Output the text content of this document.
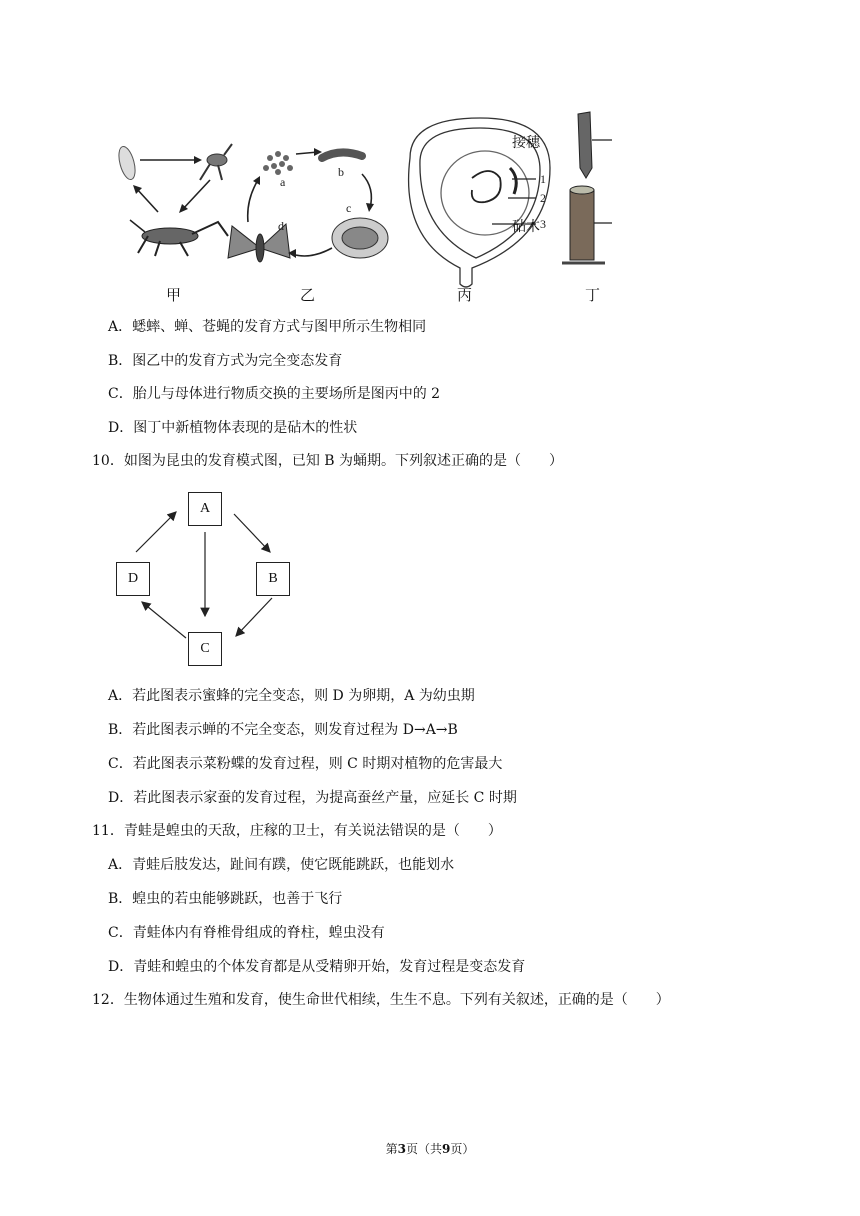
a
b
c
d
1
2
3
接穗
砧木
甲	乙	丙	丁
A．蟋蟀、蝉、苍蝇的发育方式与图甲所示生物相同
B．图乙中的发育方式为完全变态发育
C．胎儿与母体进行物质交换的主要场所是图丙中的 2
D．图丁中新植物体表现的是砧木的性状
10．如图为昆虫的发育模式图，已知 B 为蛹期。下列叙述正确的是（　　）
A
B
C
D
A．若此图表示蜜蜂的完全变态，则 D 为卵期，A 为幼虫期
B．若此图表示蝉的不完全变态，则发育过程为 D→A→B
C．若此图表示菜粉蝶的发育过程，则 C 时期对植物的危害最大
D．若此图表示家蚕的发育过程，为提高蚕丝产量，应延长 C 时期
11．青蛙是蝗虫的天敌，庄稼的卫士，有关说法错误的是（　　）
A．青蛙后肢发达，趾间有蹼，使它既能跳跃，也能划水
B．蝗虫的若虫能够跳跃，也善于飞行
C．青蛙体内有脊椎骨组成的脊柱，蝗虫没有
D．青蛙和蝗虫的个体发育都是从受精卵开始，发育过程是变态发育
12．生物体通过生殖和发育，使生命世代相续，生生不息。下列有关叙述，正确的是（　　）
第3页（共9页）
